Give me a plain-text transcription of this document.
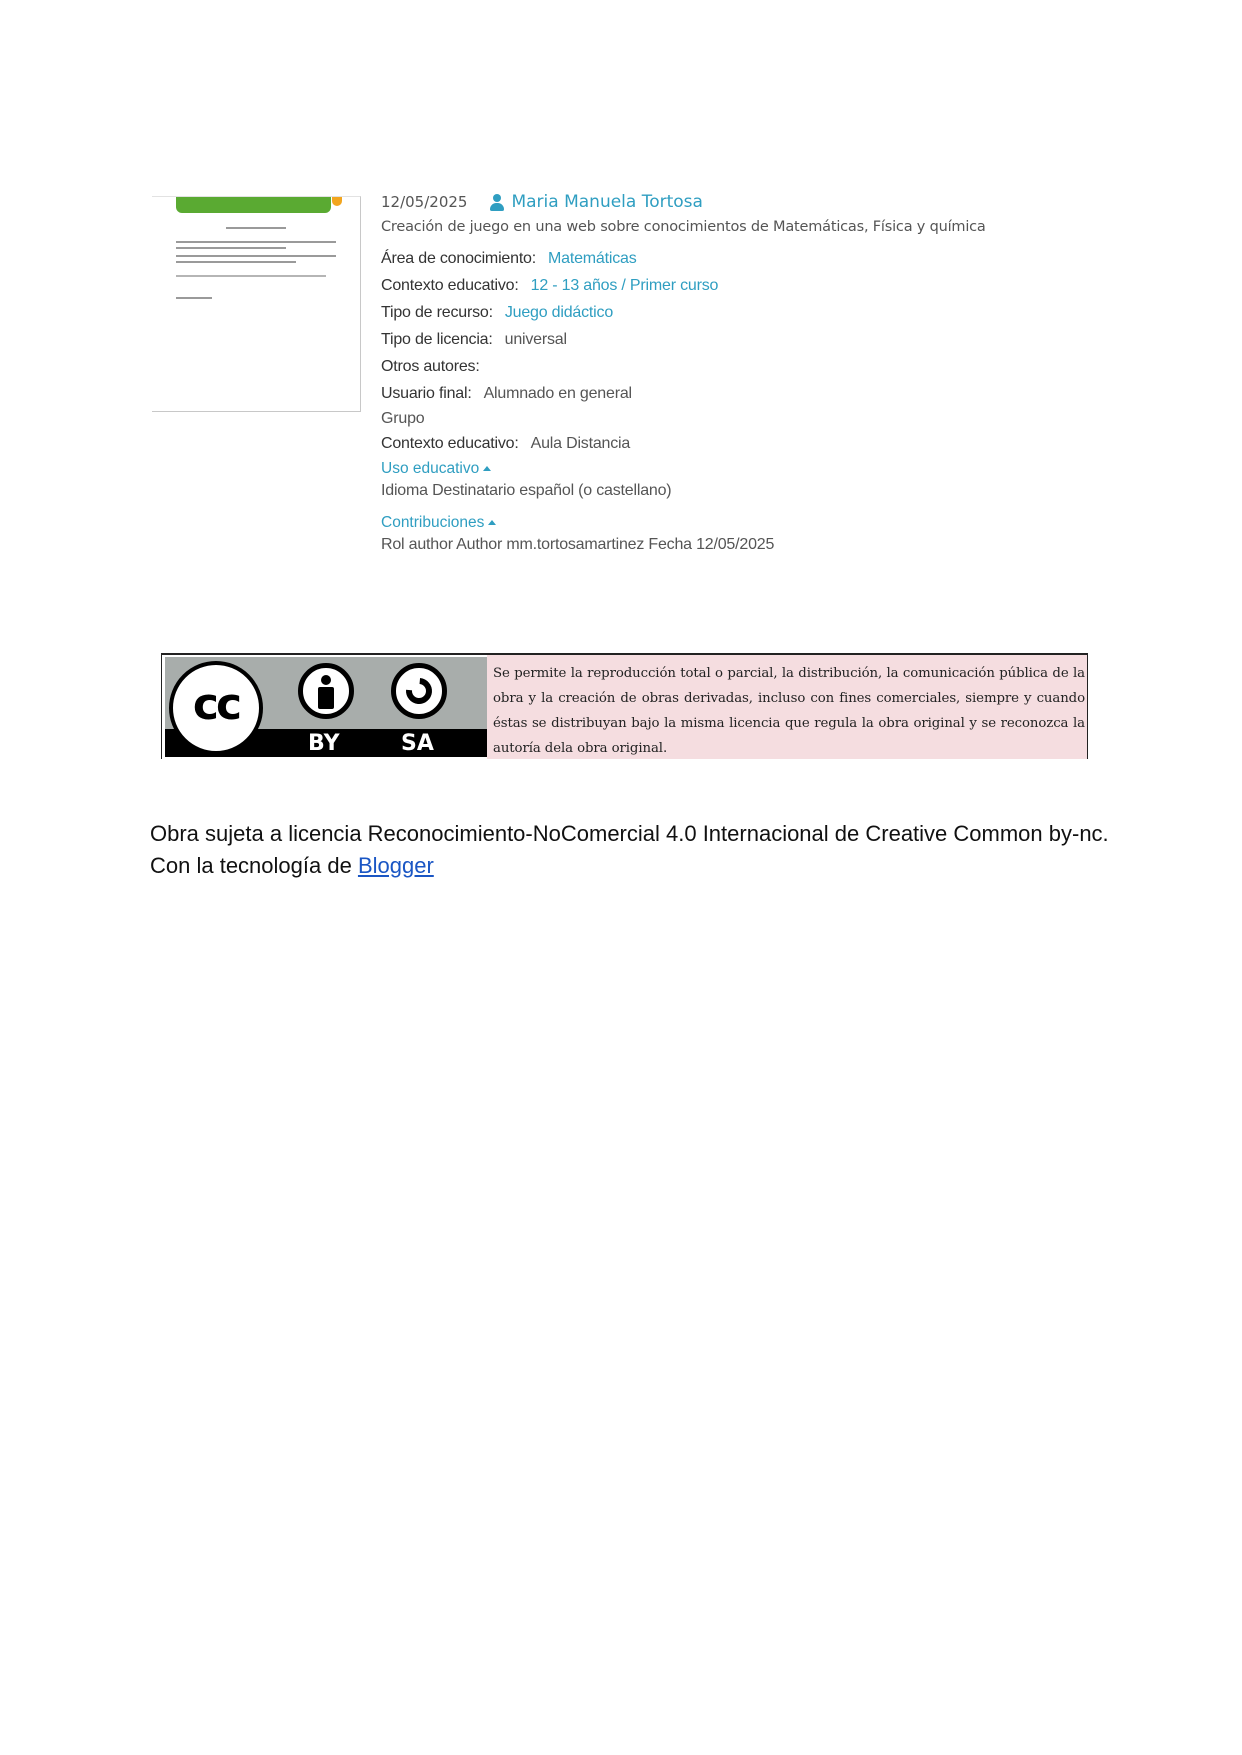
12/05/2025	Maria Manuela Tortosa
Creación de juego en una web sobre conocimientos de Matemáticas, Física y química
Área de conocimiento: Matemáticas
Contexto educativo: 12 - 13 años / Primer curso
Tipo de recurso: Juego didáctico
Tipo de licencia: universal
Otros autores:
Usuario final: Alumnado en general
Grupo
Contexto educativo: Aula Distancia
Uso educativo
Idioma Destinatario español (o castellano)
Contribuciones
Rol author Author mm.tortosamartinez Fecha 12/05/2025
cc
BY	SA
Se permite la reproducción total o parcial, la distribución, la comunicación pública de la obra y la creación de obras derivadas, incluso con fines comerciales, siempre y cuando éstas se distribuyan bajo la misma licencia que regula la obra original y se reconozca la autoría dela obra original.
Obra sujeta a licencia Reconocimiento-NoComercial 4.0 Internacional de Creative Common by-nc. Con la tecnología de Blogger
